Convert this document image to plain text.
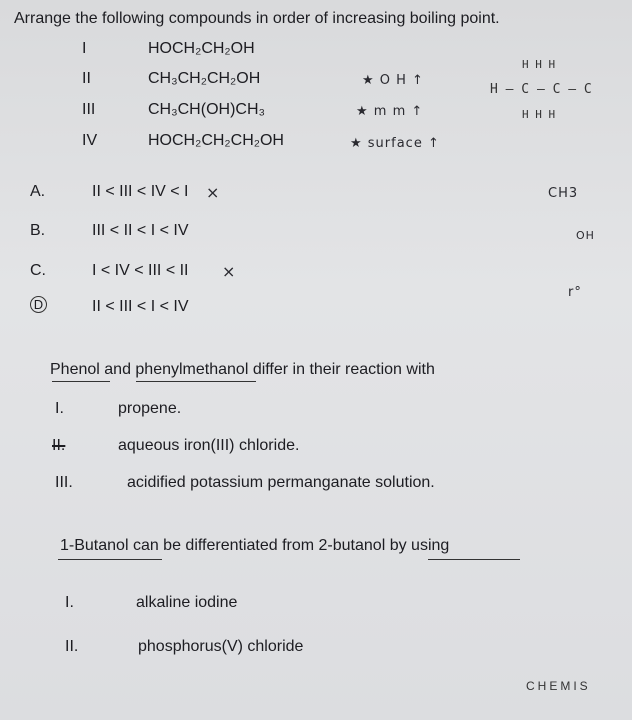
Arrange the following compounds in order of increasing boiling point.
I	HOCH₂CH₂OH
II	CH₃CH₂CH₂OH
III	CH₃CH(OH)CH₃
IV	HOCH₂CH₂CH₂OH
★ O H ↑
★ m m ↑
★ surface ↑
H H H
H – C – C – C
H H H
CH3
OH
r°
A.	II < III < IV < I ×
B.	III < II < I < IV
C.	I < IV < III < II ×
D	II < III < I < IV
Phenol and phenylmethanol differ in their reaction with
I.	propene.
II.	aqueous iron(III) chloride.
III.	acidified potassium permanganate solution.
1-Butanol can be differentiated from 2-butanol by using
I.	alkaline iodine
II.	phosphorus(V) chloride
CHEMIS
